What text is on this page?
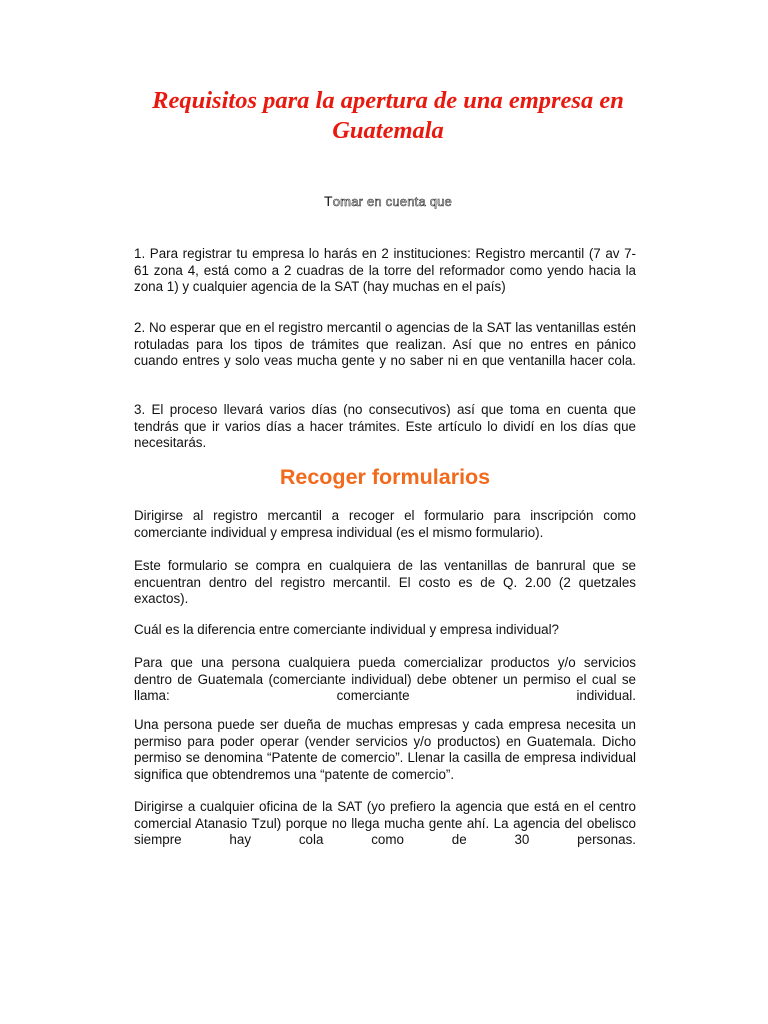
Requisitos para la apertura de una empresa en Guatemala
Tomar en cuenta que

1. Para registrar tu empresa lo harás en 2 instituciones: Registro mercantil (7 av 7-61 zona 4, está como a 2 cuadras de la torre del reformador como yendo hacia la zona 1) y cualquier agencia de la SAT (hay muchas en el país)

2. No esperar que en el registro mercantil o agencias de la SAT las ventanillas estén rotuladas para los tipos de trámites que realizan. Así que no entres en pánico cuando entres y solo veas mucha gente y no saber ni en que ventanilla hacer cola.

3. El proceso llevará varios días (no consecutivos) así que toma en cuenta que tendrás que ir varios días a hacer trámites. Este artículo lo dividí en los días que necesitarás.

Recoger formularios

Dirigirse al registro mercantil a recoger el formulario para inscripción como comerciante individual y empresa individual (es el mismo formulario).

Este formulario se compra en cualquiera de las ventanillas de banrural que se encuentran dentro del registro mercantil. El costo es de Q. 2.00 (2 quetzales exactos).

Cuál es la diferencia entre comerciante individual y empresa individual?

Para que una persona cualquiera pueda comercializar productos y/o servicios dentro de Guatemala (comerciante individual) debe obtener un permiso el cual se llama: comerciante individual.

Una persona puede ser dueña de muchas empresas y cada empresa necesita un permiso para poder operar (vender servicios y/o productos) en Guatemala. Dicho permiso se denomina “Patente de comercio”. Llenar la casilla de empresa individual significa que obtendremos una “patente de comercio”.

Dirigirse a cualquier oficina de la SAT (yo prefiero la agencia que está en el centro comercial Atanasio Tzul) porque no llega mucha gente ahí. La agencia del obelisco siempre hay cola como de 30 personas.
